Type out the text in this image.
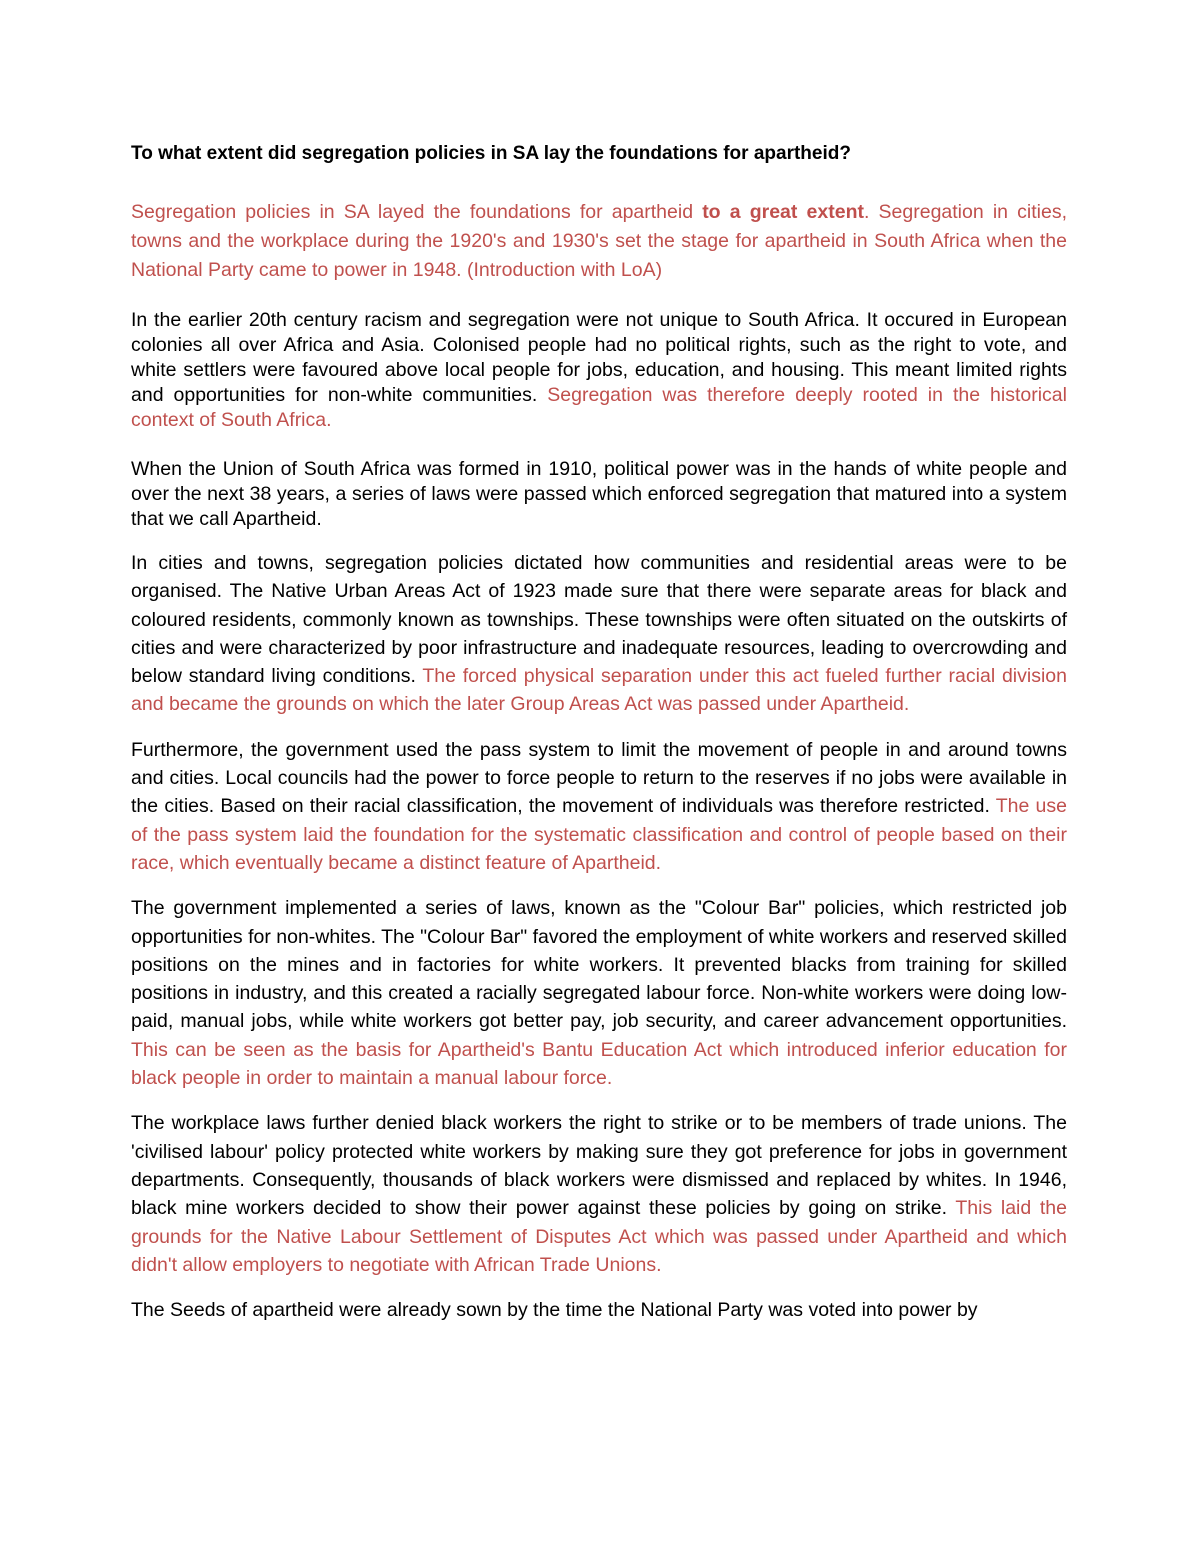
To what extent did segregation policies in SA lay the foundations for apartheid?

Segregation policies in SA layed the foundations for apartheid to a great extent. Segregation in cities, towns and the workplace during the 1920's and 1930's set the stage for apartheid in South Africa when the National Party came to power in 1948. (Introduction with LoA)

In the earlier 20th century racism and segregation were not unique to South Africa. It occured in European colonies all over Africa and Asia. Colonised people had no political rights, such as the right to vote, and white settlers were favoured above local people for jobs, education, and housing. This meant limited rights and opportunities for non-white communities. Segregation was therefore deeply rooted in the historical context of South Africa.

When the Union of South Africa was formed in 1910, political power was in the hands of white people and over the next 38 years, a series of laws were passed which enforced segregation that matured into a system that we call Apartheid.

In cities and towns, segregation policies dictated how communities and residential areas were to be organised. The Native Urban Areas Act of 1923 made sure that there were separate areas for black and coloured residents, commonly known as townships. These townships were often situated on the outskirts of cities and were characterized by poor infrastructure and inadequate resources, leading to overcrowding and below standard living conditions. The forced physical separation under this act fueled further racial division and became the grounds on which the later Group Areas Act was passed under Apartheid.

Furthermore, the government used the pass system to limit the movement of people in and around towns and cities. Local councils had the power to force people to return to the reserves if no jobs were available in the cities. Based on their racial classification, the movement of individuals was therefore restricted. The use of the pass system laid the foundation for the systematic classification and control of people based on their race, which eventually became a distinct feature of Apartheid.

The government implemented a series of laws, known as the "Colour Bar" policies, which restricted job opportunities for non-whites. The "Colour Bar" favored the employment of white workers and reserved skilled positions on the mines and in factories for white workers. It prevented blacks from training for skilled positions in industry, and this created a racially segregated labour force. Non-white workers were doing low-paid, manual jobs, while white workers got better pay, job security, and career advancement opportunities. This can be seen as the basis for Apartheid's Bantu Education Act which introduced inferior education for black people in order to maintain a manual labour force.

The workplace laws further denied black workers the right to strike or to be members of trade unions. The 'civilised labour' policy protected white workers by making sure they got preference for jobs in government departments. Consequently, thousands of black workers were dismissed and replaced by whites. In 1946, black mine workers decided to show their power against these policies by going on strike. This laid the grounds for the Native Labour Settlement of Disputes Act which was passed under Apartheid and which didn't allow employers to negotiate with African Trade Unions.

The Seeds of apartheid were already sown by the time the National Party was voted into power by
